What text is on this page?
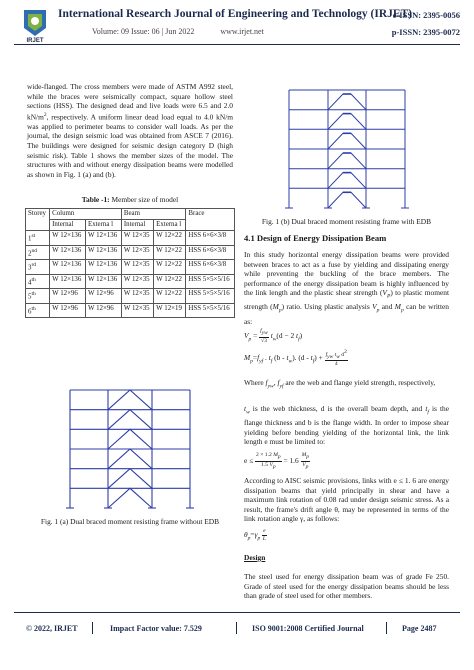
IRJET
International Research Journal of Engineering and Technology (IRJET)
Volume: 09 Issue: 06 | Jun 2022	www.irjet.net
e-ISSN: 2395-0056
p-ISSN: 2395-0072

wide-flanged. The cross members were made of ASTM A992 steel, while the braces were seismically compact, square hollow steel sections (HSS). The designed dead and live loads were 6.5 and 2.0 $kN/m^2$, respectively. A uniform linear dead load equal to 4.0 kN/m was applied to perimeter beams to consider wall loads. As per the journal, the design seismic load was obtained from ASCE 7 (2016). The buildings were designed for seismic design category D (high seismic risk). Table 1 shows the member sizes of the model. The structures with and without energy dissipation beams were modelled as shown in Fig. 1 (a) and (b).

Table -1: Member size of model
Storey	Column		Beam		Brace
	Internal	Externa l	Internal	Externa l	
1st	W 12×136	W 12×136	W 12×35	W 12×22	HSS 6×6×3/8
2nd	W 12×136	W 12×136	W 12×35	W 12×22	HSS 6×6×3/8
3rd	W 12×136	W 12×136	W 12×35	W 12×22	HSS 6×6×3/8
4th	W 12×136	W 12×136	W 12×35	W 12×22	HSS 5×5×5/16
5th	W 12×96	W 12×96	W 12×35	W 12×22	HSS 5×5×5/16
6th	W 12×96	W 12×96	W 12×35	W 12×19	HSS 5×5×5/16
Fig. 1 (a) Dual braced moment resisting frame without EDB
Fig. 1 (b) Dual braced moment resisting frame with EDB
4.1 Design of Energy Dissipation Beam

In this study horizontal energy dissipation beams were provided between braces to act as a fuse by yielding and dissipating energy while preventing the buckling of the brace members. The performance of the energy dissipation beam is highly influenced by the link length and the plastic shear strength $(V_P)$ to plastic moment strength $(M_p)$ ratio. Using plastic analysis $V_p$ and $M_p$ can be written as:

$V_p = \frac{f_{yw}}{√3} t_w(d - 2$ $t_f$)
$M_p=f_{yf}$ . $t_f$ $(b - t_w)$. $(d - t_f) + \frac{f_{yw} t_w d^2}{4}$

Where $f_{yw}$, $f_{yf}$ are the web and flange yield strength, respectively,

$t_w$ is the web thickness, d is the overall beam depth, and $t_f$ is the flange thickness and b is the flange width. In order to impose shear yielding before bending yielding of the horizontal link, the link length e must be limited to:

$e \le \frac{2 \times 1.2 M_p}{1.5 V_p} = 1.6 \frac{M_p}{V_p}$

According to AISC seismic provisions, links with e ≤ 1. 6 are energy dissipation beams that yield principally in shear and have a maximum link rotation of 0.08 rad under design seismic stress. As a result, the frame's drift angle θ, may be represented in terms of the link rotation angle γ, as follows:

$\theta_p=\gamma_p \frac{e}{L}$
Design
The steel used for energy dissipation beam was of grade Fe 250. Grade of steel used for the energy dissipation beams should be less than grade of steel used for other members.
© 2022, IRJET	Impact Factor value: 7.529	ISO 9001:2008 Certified Journal	Page 2487
